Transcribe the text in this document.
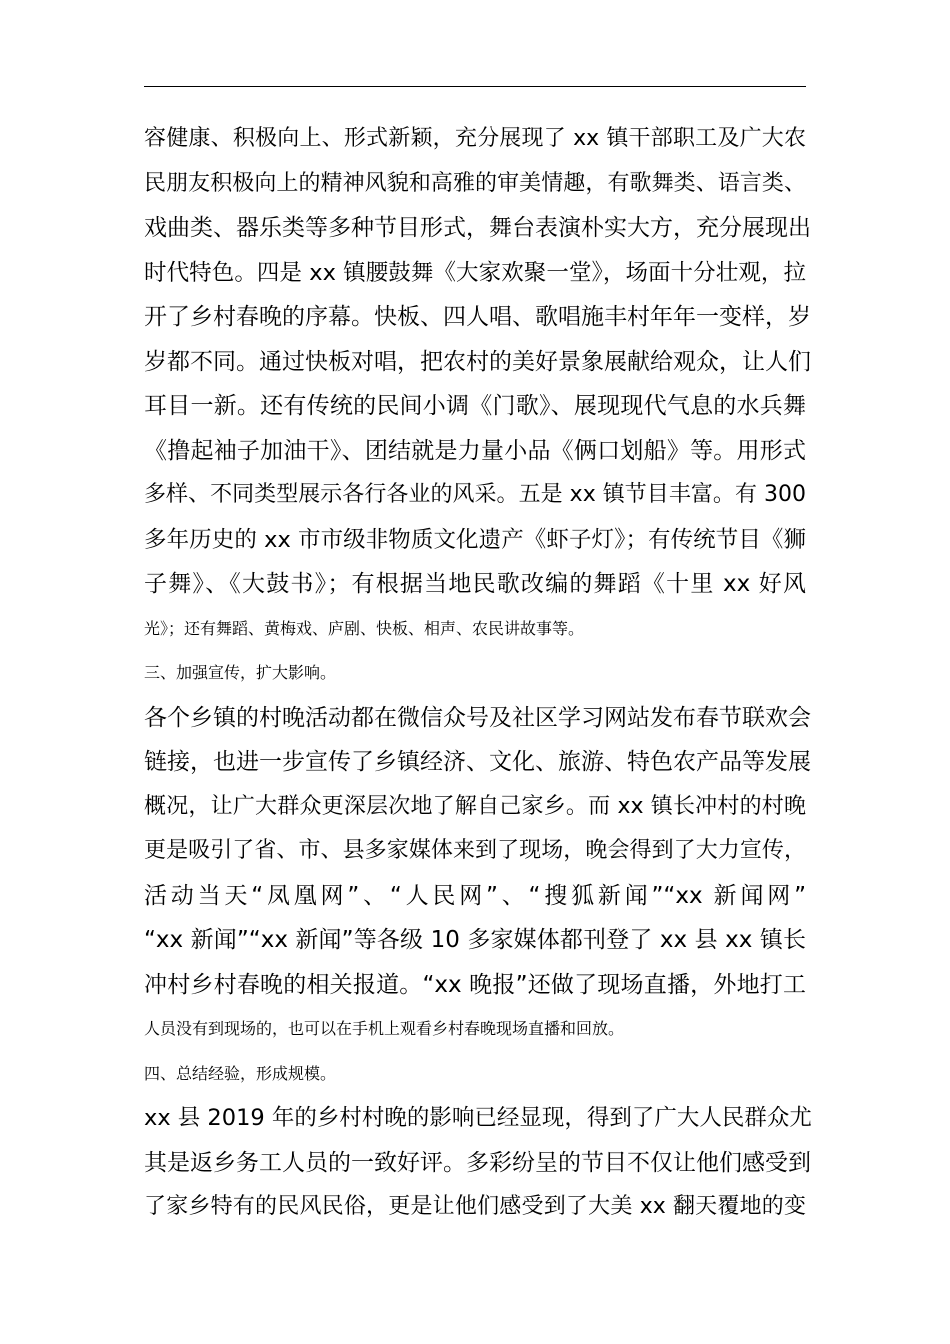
容健康、积极向上、形式新颖，充分展现了 xx 镇干部职工及广大农
民朋友积极向上的精神风貌和高雅的审美情趣，有歌舞类、语言类、
戏曲类、器乐类等多种节目形式，舞台表演朴实大方，充分展现出
时代特色。四是 xx 镇腰鼓舞《大家欢聚一堂》，场面十分壮观，拉
开了乡村春晚的序幕。快板、四人唱、歌唱施丰村年年一变样，岁
岁都不同。通过快板对唱，把农村的美好景象展献给观众，让人们
耳目一新。还有传统的民间小调《门歌》、展现现代气息的水兵舞
《撸起袖子加油干》、团结就是力量小品《俩口划船》等。用形式
多样、不同类型展示各行各业的风采。五是 xx 镇节目丰富。有 300
多年历史的 xx 市市级非物质文化遗产《虾子灯》；有传统节目《狮
子舞》、《大鼓书》；有根据当地民歌改编的舞蹈《十里 xx 好风
光》；还有舞蹈、黄梅戏、庐剧、快板、相声、农民讲故事等。
三、加强宣传，扩大影响。
各个乡镇的村晚活动都在微信众号及社区学习网站发布春节联欢会
链接，也进一步宣传了乡镇经济、文化、旅游、特色农产品等发展
概况，让广大群众更深层次地了解自己家乡。而 xx 镇长冲村的村晚
更是吸引了省、市、县多家媒体来到了现场，晚会得到了大力宣传，
活动当天“凤凰网”、“人民网”、“搜狐新闻”“xx 新闻网”
“xx 新闻”“xx 新闻”等各级 10 多家媒体都刊登了 xx 县 xx 镇长
冲村乡村春晚的相关报道。“xx 晚报”还做了现场直播，外地打工
人员没有到现场的，也可以在手机上观看乡村春晚现场直播和回放。
四、总结经验，形成规模。
xx 县 2019 年的乡村村晚的影响已经显现，得到了广大人民群众尤
其是返乡务工人员的一致好评。多彩纷呈的节目不仅让他们感受到
了家乡特有的民风民俗，更是让他们感受到了大美 xx 翻天覆地的变
